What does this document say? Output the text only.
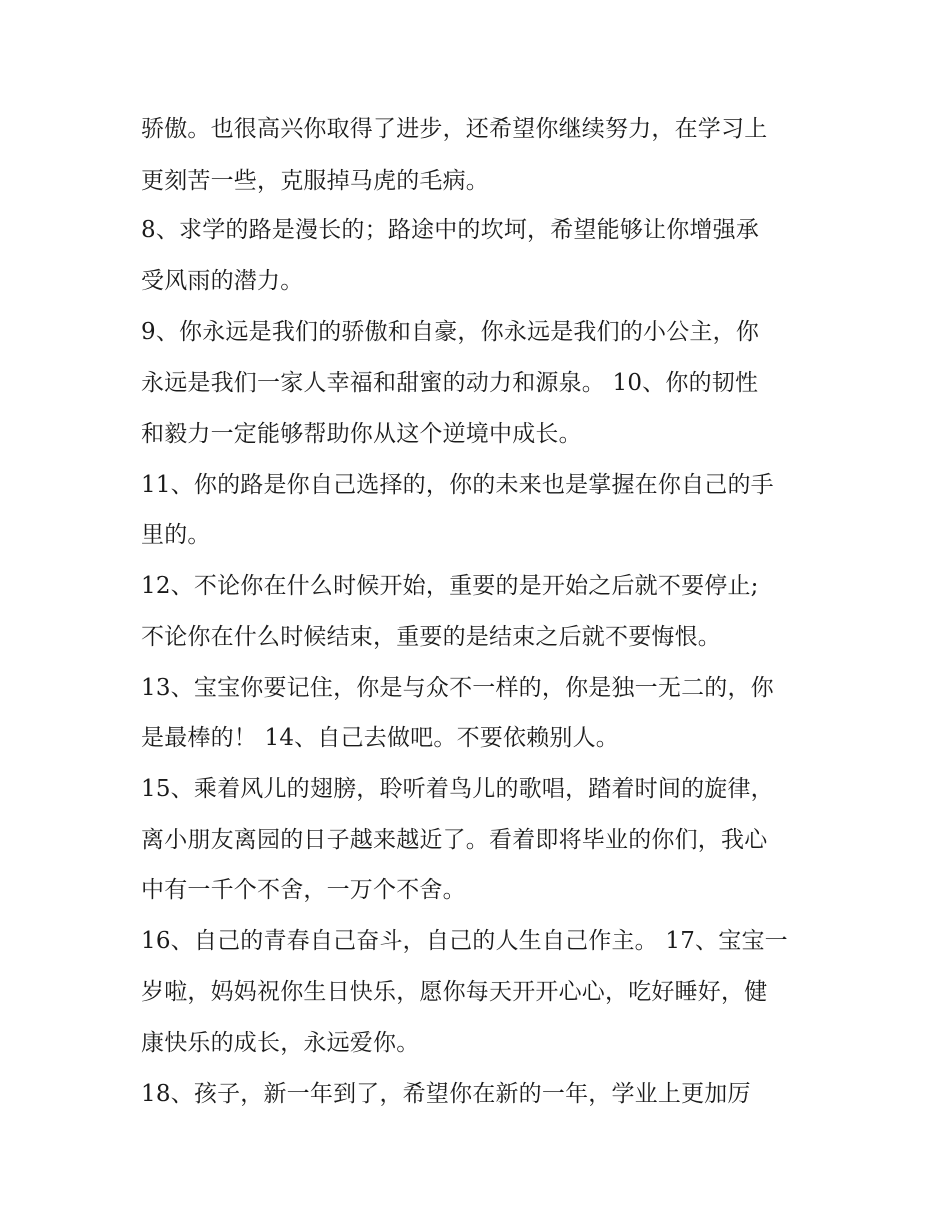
骄傲。也很高兴你取得了进步，还希望你继续努力，在学习上
更刻苦一些，克服掉马虎的毛病。
8、求学的路是漫长的；路途中的坎坷，希望能够让你增强承
受风雨的潜力。
9、你永远是我们的骄傲和自豪，你永远是我们的小公主，你
永远是我们一家人幸福和甜蜜的动力和源泉。 10、你的韧性
和毅力一定能够帮助你从这个逆境中成长。
11、你的路是你自己选择的，你的未来也是掌握在你自己的手
里的。
12、不论你在什么时候开始，重要的是开始之后就不要停止;
不论你在什么时候结束，重要的是结束之后就不要悔恨。
13、宝宝你要记住，你是与众不一样的，你是独一无二的，你
是最棒的！ 14、自己去做吧。不要依赖别人。
15、乘着风儿的翅膀，聆听着鸟儿的歌唱，踏着时间的旋律，
离小朋友离园的日子越来越近了。看着即将毕业的你们，我心
中有一千个不舍，一万个不舍。
16、自己的青春自己奋斗，自己的人生自己作主。 17、宝宝一
岁啦，妈妈祝你生日快乐，愿你每天开开心心，吃好睡好，健
康快乐的成长，永远爱你。
18、孩子，新一年到了，希望你在新的一年，学业上更加厉
